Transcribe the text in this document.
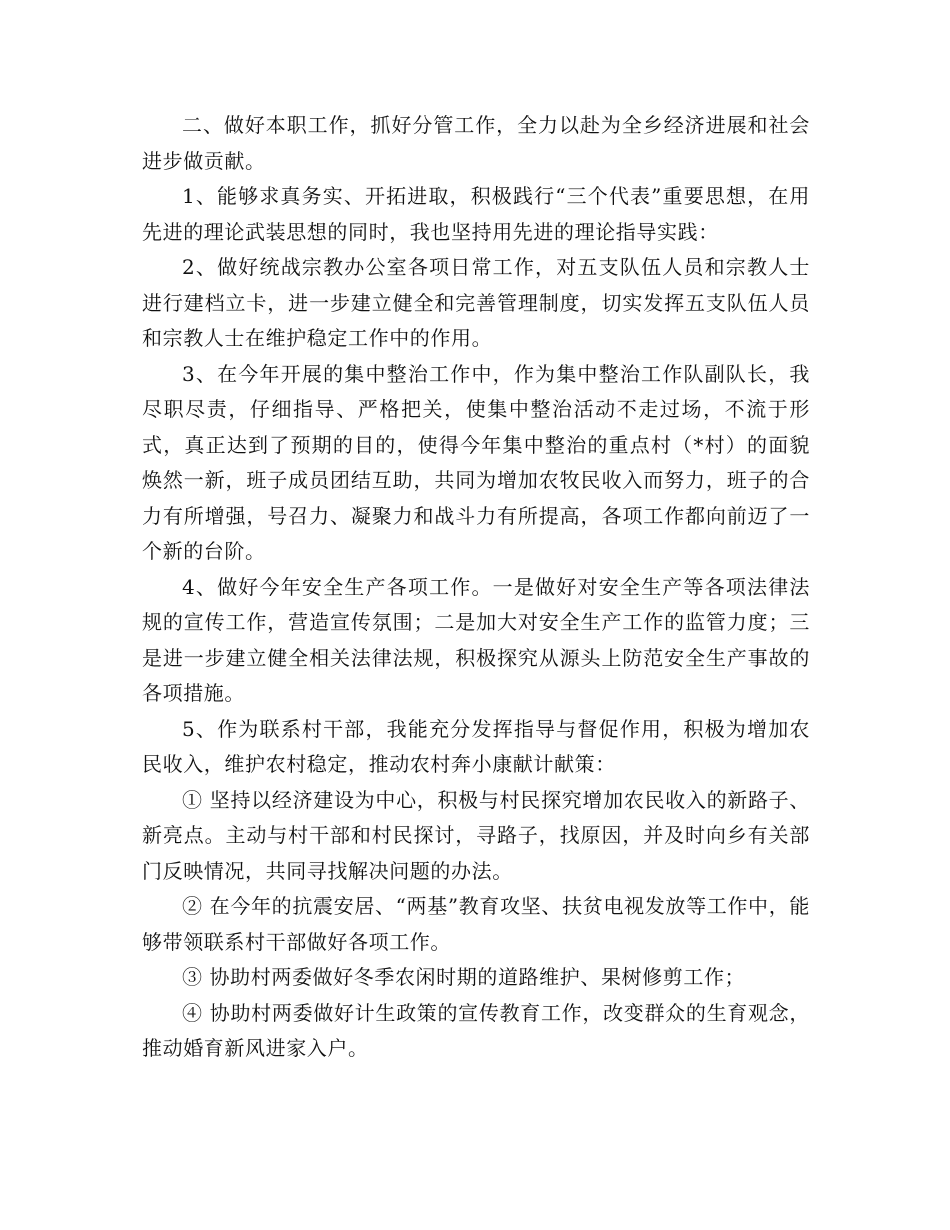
二、做好本职工作，抓好分管工作，全力以赴为全乡经济进展和社会进步做贡献。

1、能够求真务实、开拓进取，积极践行“三个代表”重要思想，在用先进的理论武装思想的同时，我也坚持用先进的理论指导实践：

2、做好统战宗教办公室各项日常工作，对五支队伍人员和宗教人士进行建档立卡，进一步建立健全和完善管理制度，切实发挥五支队伍人员和宗教人士在维护稳定工作中的作用。

3、在今年开展的集中整治工作中，作为集中整治工作队副队长，我尽职尽责，仔细指导、严格把关，使集中整治活动不走过场，不流于形式，真正达到了预期的目的，使得今年集中整治的重点村（*村）的面貌焕然一新，班子成员团结互助，共同为增加农牧民收入而努力，班子的合力有所增强，号召力、凝聚力和战斗力有所提高，各项工作都向前迈了一个新的台阶。

4、做好今年安全生产各项工作。一是做好对安全生产等各项法律法规的宣传工作，营造宣传氛围；二是加大对安全生产工作的监管力度；三是进一步建立健全相关法律法规，积极探究从源头上防范安全生产事故的各项措施。

5、作为联系村干部，我能充分发挥指导与督促作用，积极为增加农民收入，维护农村稳定，推动农村奔小康献计献策：

① 坚持以经济建设为中心，积极与村民探究增加农民收入的新路子、新亮点。主动与村干部和村民探讨，寻路子，找原因，并及时向乡有关部门反映情况，共同寻找解决问题的办法。

② 在今年的抗震安居、“两基”教育攻坚、扶贫电视发放等工作中，能够带领联系村干部做好各项工作。

③ 协助村两委做好冬季农闲时期的道路维护、果树修剪工作；

④ 协助村两委做好计生政策的宣传教育工作，改变群众的生育观念，推动婚育新风进家入户。
